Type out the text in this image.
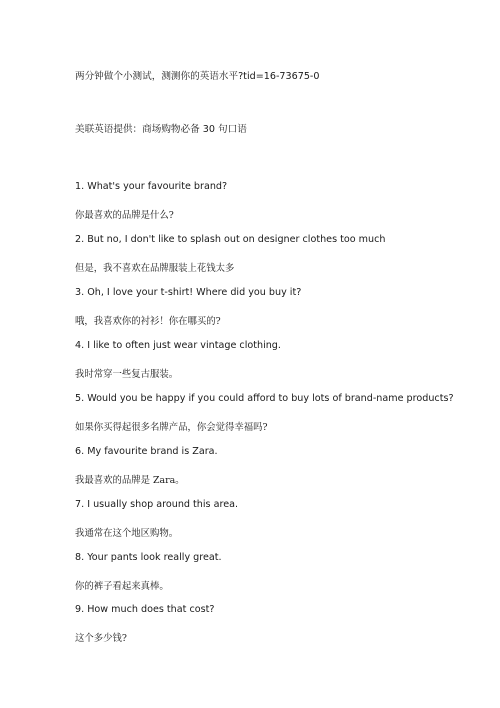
两分钟做个小测试，测测你的英语水平?tid=16-73675-0

美联英语提供：商场购物必备 30 句口语

1. What's your favourite brand?

你最喜欢的品牌是什么?

2. But no, I don't like to splash out on designer clothes too much

但是，我不喜欢在品牌服装上花钱太多

3. Oh, I love your t-shirt! Where did you buy it?

哦，我喜欢你的衬衫！你在哪买的?

4. I like to often just wear vintage clothing.

我时常穿一些复古服装。

5. Would you be happy if you could afford to buy lots of brand-name products?

如果你买得起很多名牌产品，你会觉得幸福吗?

6. My favourite brand is Zara.

我最喜欢的品牌是 Zara。

7. I usually shop around this area.

我通常在这个地区购物。

8. Your pants look really great.

你的裤子看起来真棒。

9. How much does that cost?

这个多少钱?
